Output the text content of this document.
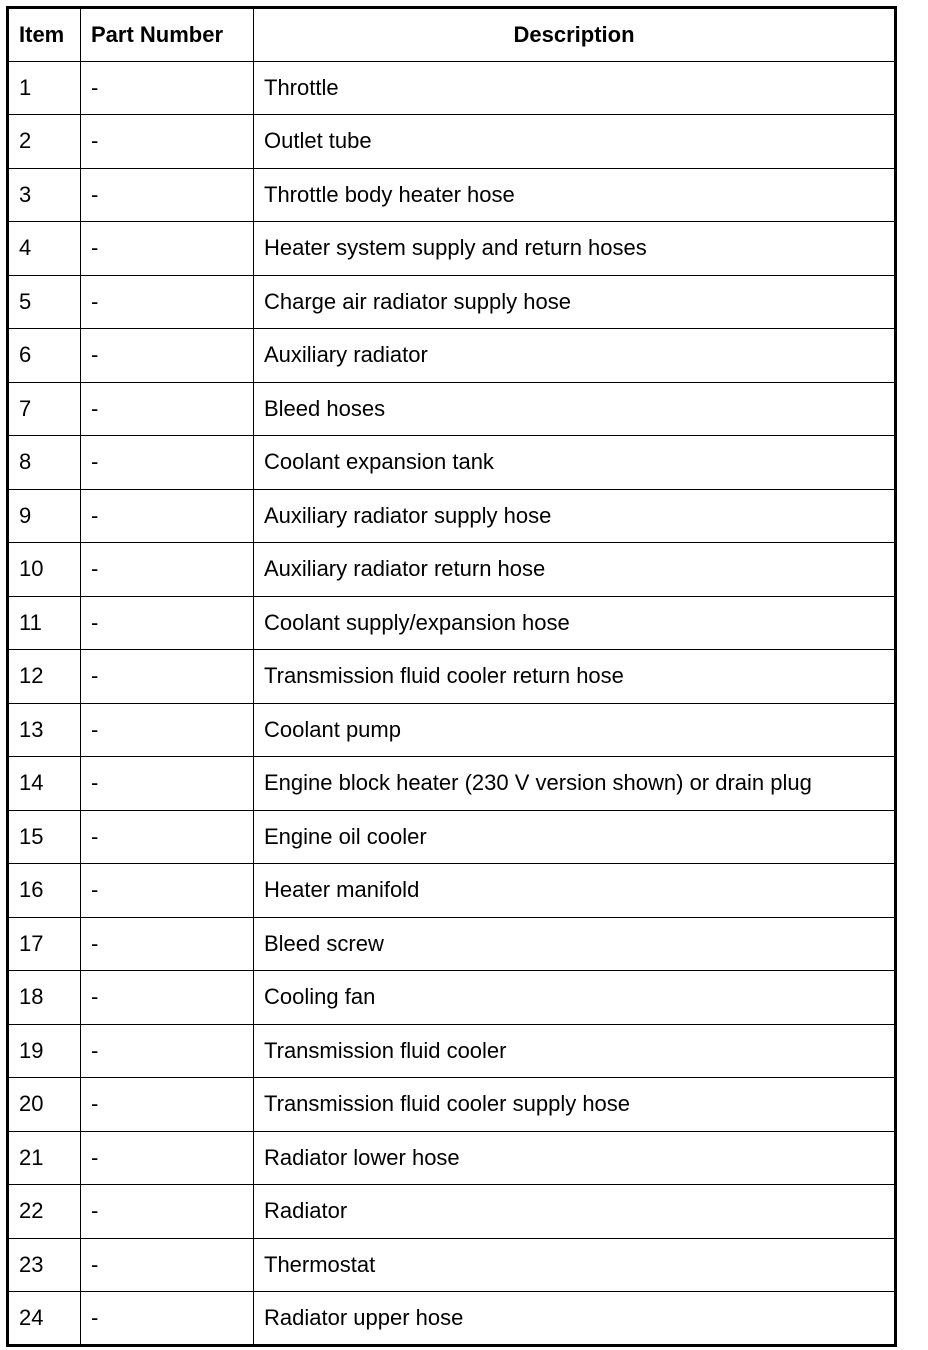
Item	Part Number	Description
1	-	Throttle
2	-	Outlet tube
3	-	Throttle body heater hose
4	-	Heater system supply and return hoses
5	-	Charge air radiator supply hose
6	-	Auxiliary radiator
7	-	Bleed hoses
8	-	Coolant expansion tank
9	-	Auxiliary radiator supply hose
10	-	Auxiliary radiator return hose
11	-	Coolant supply/expansion hose
12	-	Transmission fluid cooler return hose
13	-	Coolant pump
14	-	Engine block heater (230 V version shown) or drain plug
15	-	Engine oil cooler
16	-	Heater manifold
17	-	Bleed screw
18	-	Cooling fan
19	-	Transmission fluid cooler
20	-	Transmission fluid cooler supply hose
21	-	Radiator lower hose
22	-	Radiator
23	-	Thermostat
24	-	Radiator upper hose
